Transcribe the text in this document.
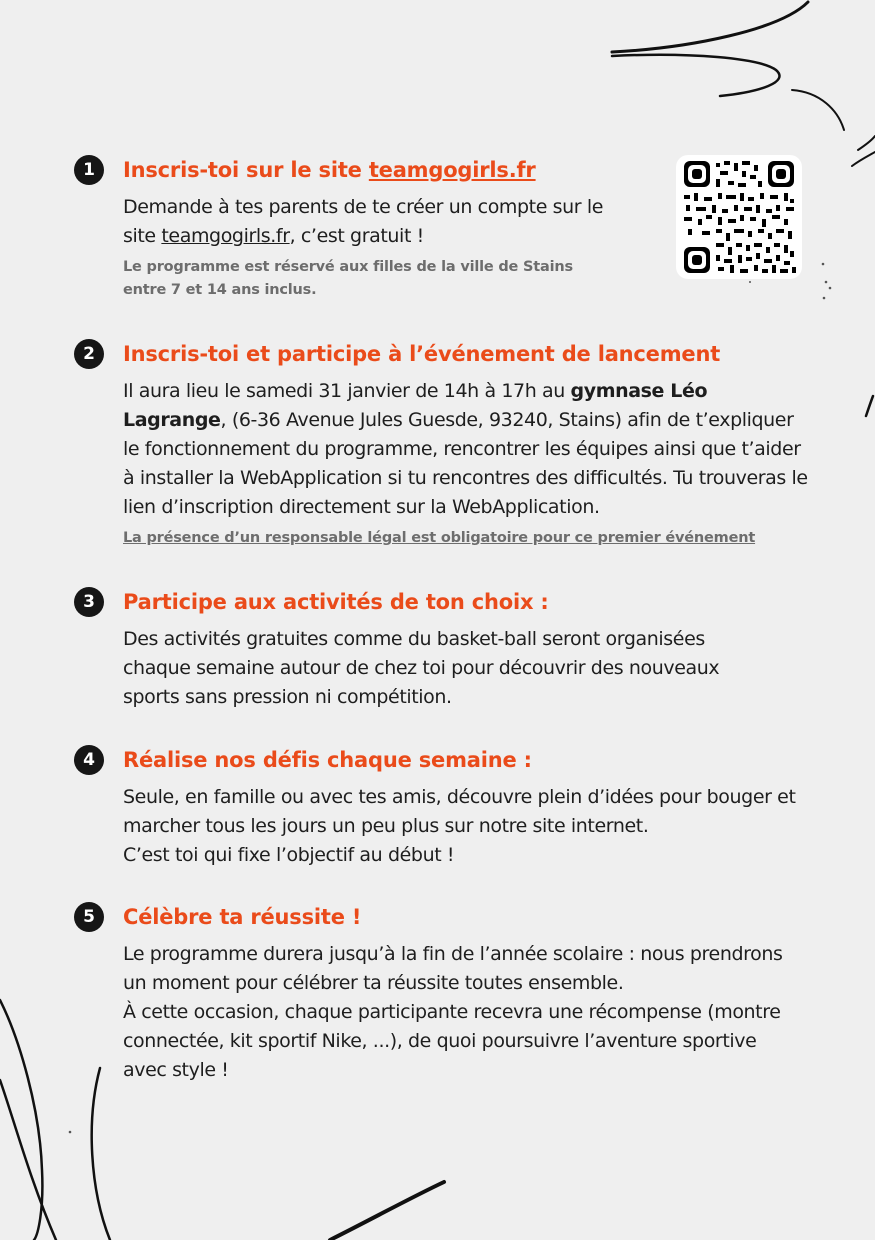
1	Inscris-toi sur le site teamgogirls.fr

Demande à tes parents de te créer un compte sur le site teamgogirls.fr, c’est gratuit !

Le programme est réservé aux filles de la ville de Stains entre 7 et 14 ans inclus.

2	Inscris-toi et participe à l’événement de lancement

Il aura lieu le samedi 31 janvier de 14h à 17h au gymnase Léo Lagrange, (6-36 Avenue Jules Guesde, 93240, Stains) afin de t’expliquer le fonctionnement du programme, rencontrer les équipes ainsi que t’aider à installer la WebApplication si tu rencontres des difficultés. Tu trouveras le lien d’inscription directement sur la WebApplication.

La présence d’un responsable légal est obligatoire pour ce premier événement

3	Participe aux activités de ton choix :

Des activités gratuites comme du basket-ball seront organisées chaque semaine autour de chez toi pour découvrir des nouveaux sports sans pression ni compétition.

4	Réalise nos défis chaque semaine :

Seule, en famille ou avec tes amis, découvre plein d’idées pour bouger et marcher tous les jours un peu plus sur notre site internet.

C’est toi qui fixe l’objectif au début !

5	Célèbre ta réussite !

Le programme durera jusqu’à la fin de l’année scolaire : nous prendrons un moment pour célébrer ta réussite toutes ensemble.

À cette occasion, chaque participante recevra une récompense (montre connectée, kit sportif Nike, ...), de quoi poursuivre l’aventure sportive avec style !
